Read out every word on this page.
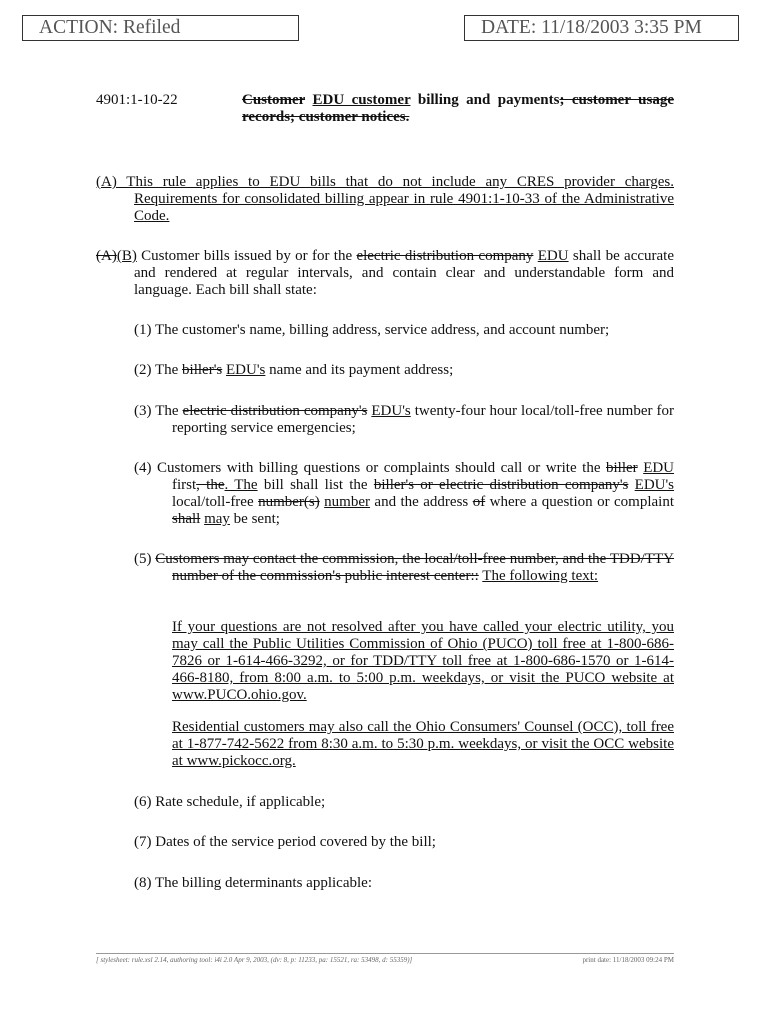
ACTION: Refiled	DATE: 11/18/2003 3:35 PM
4901:1-10-22	Customer EDU customer billing and payments; customer usage records; customer notices.
(A) This rule applies to EDU bills that do not include any CRES provider charges. Requirements for consolidated billing appear in rule 4901:1-10-33 of the Administrative Code.
(A)(B) Customer bills issued by or for the electric distribution company EDU shall be accurate and rendered at regular intervals, and contain clear and understandable form and language. Each bill shall state:
(1) The customer's name, billing address, service address, and account number;
(2) The biller's EDU's name and its payment address;
(3) The electric distribution company's EDU's twenty-four hour local/toll-free number for reporting service emergencies;
(4) Customers with billing questions or complaints should call or write the biller EDU first, the. The bill shall list the biller's or electric distribution company's EDU's local/toll-free number(s) number and the address of where a question or complaint shall may be sent;
(5) Customers may contact the commission, the local/toll-free number, and the TDD/TTY number of the commission's public interest center:: The following text:
If your questions are not resolved after you have called your electric utility, you may call the Public Utilities Commission of Ohio (PUCO) toll free at 1-800-686-7826 or 1-614-466-3292, or for TDD/TTY toll free at 1-800-686-1570 or 1-614-466-8180, from 8:00 a.m. to 5:00 p.m. weekdays, or visit the PUCO website at www.PUCO.ohio.gov.
Residential customers may also call the Ohio Consumers' Counsel (OCC), toll free at 1-877-742-5622 from 8:30 a.m. to 5:30 p.m. weekdays, or visit the OCC website at www.pickocc.org.
(6) Rate schedule, if applicable;
(7) Dates of the service period covered by the bill;
(8) The billing determinants applicable:
[ stylesheet: rule.xsl 2.14, authoring tool: i4i 2.0 Apr 9, 2003, (dv: 8, p: 11233, pa: 15521, ra: 53498, d: 55359)]	print date: 11/18/2003 09:24 PM
